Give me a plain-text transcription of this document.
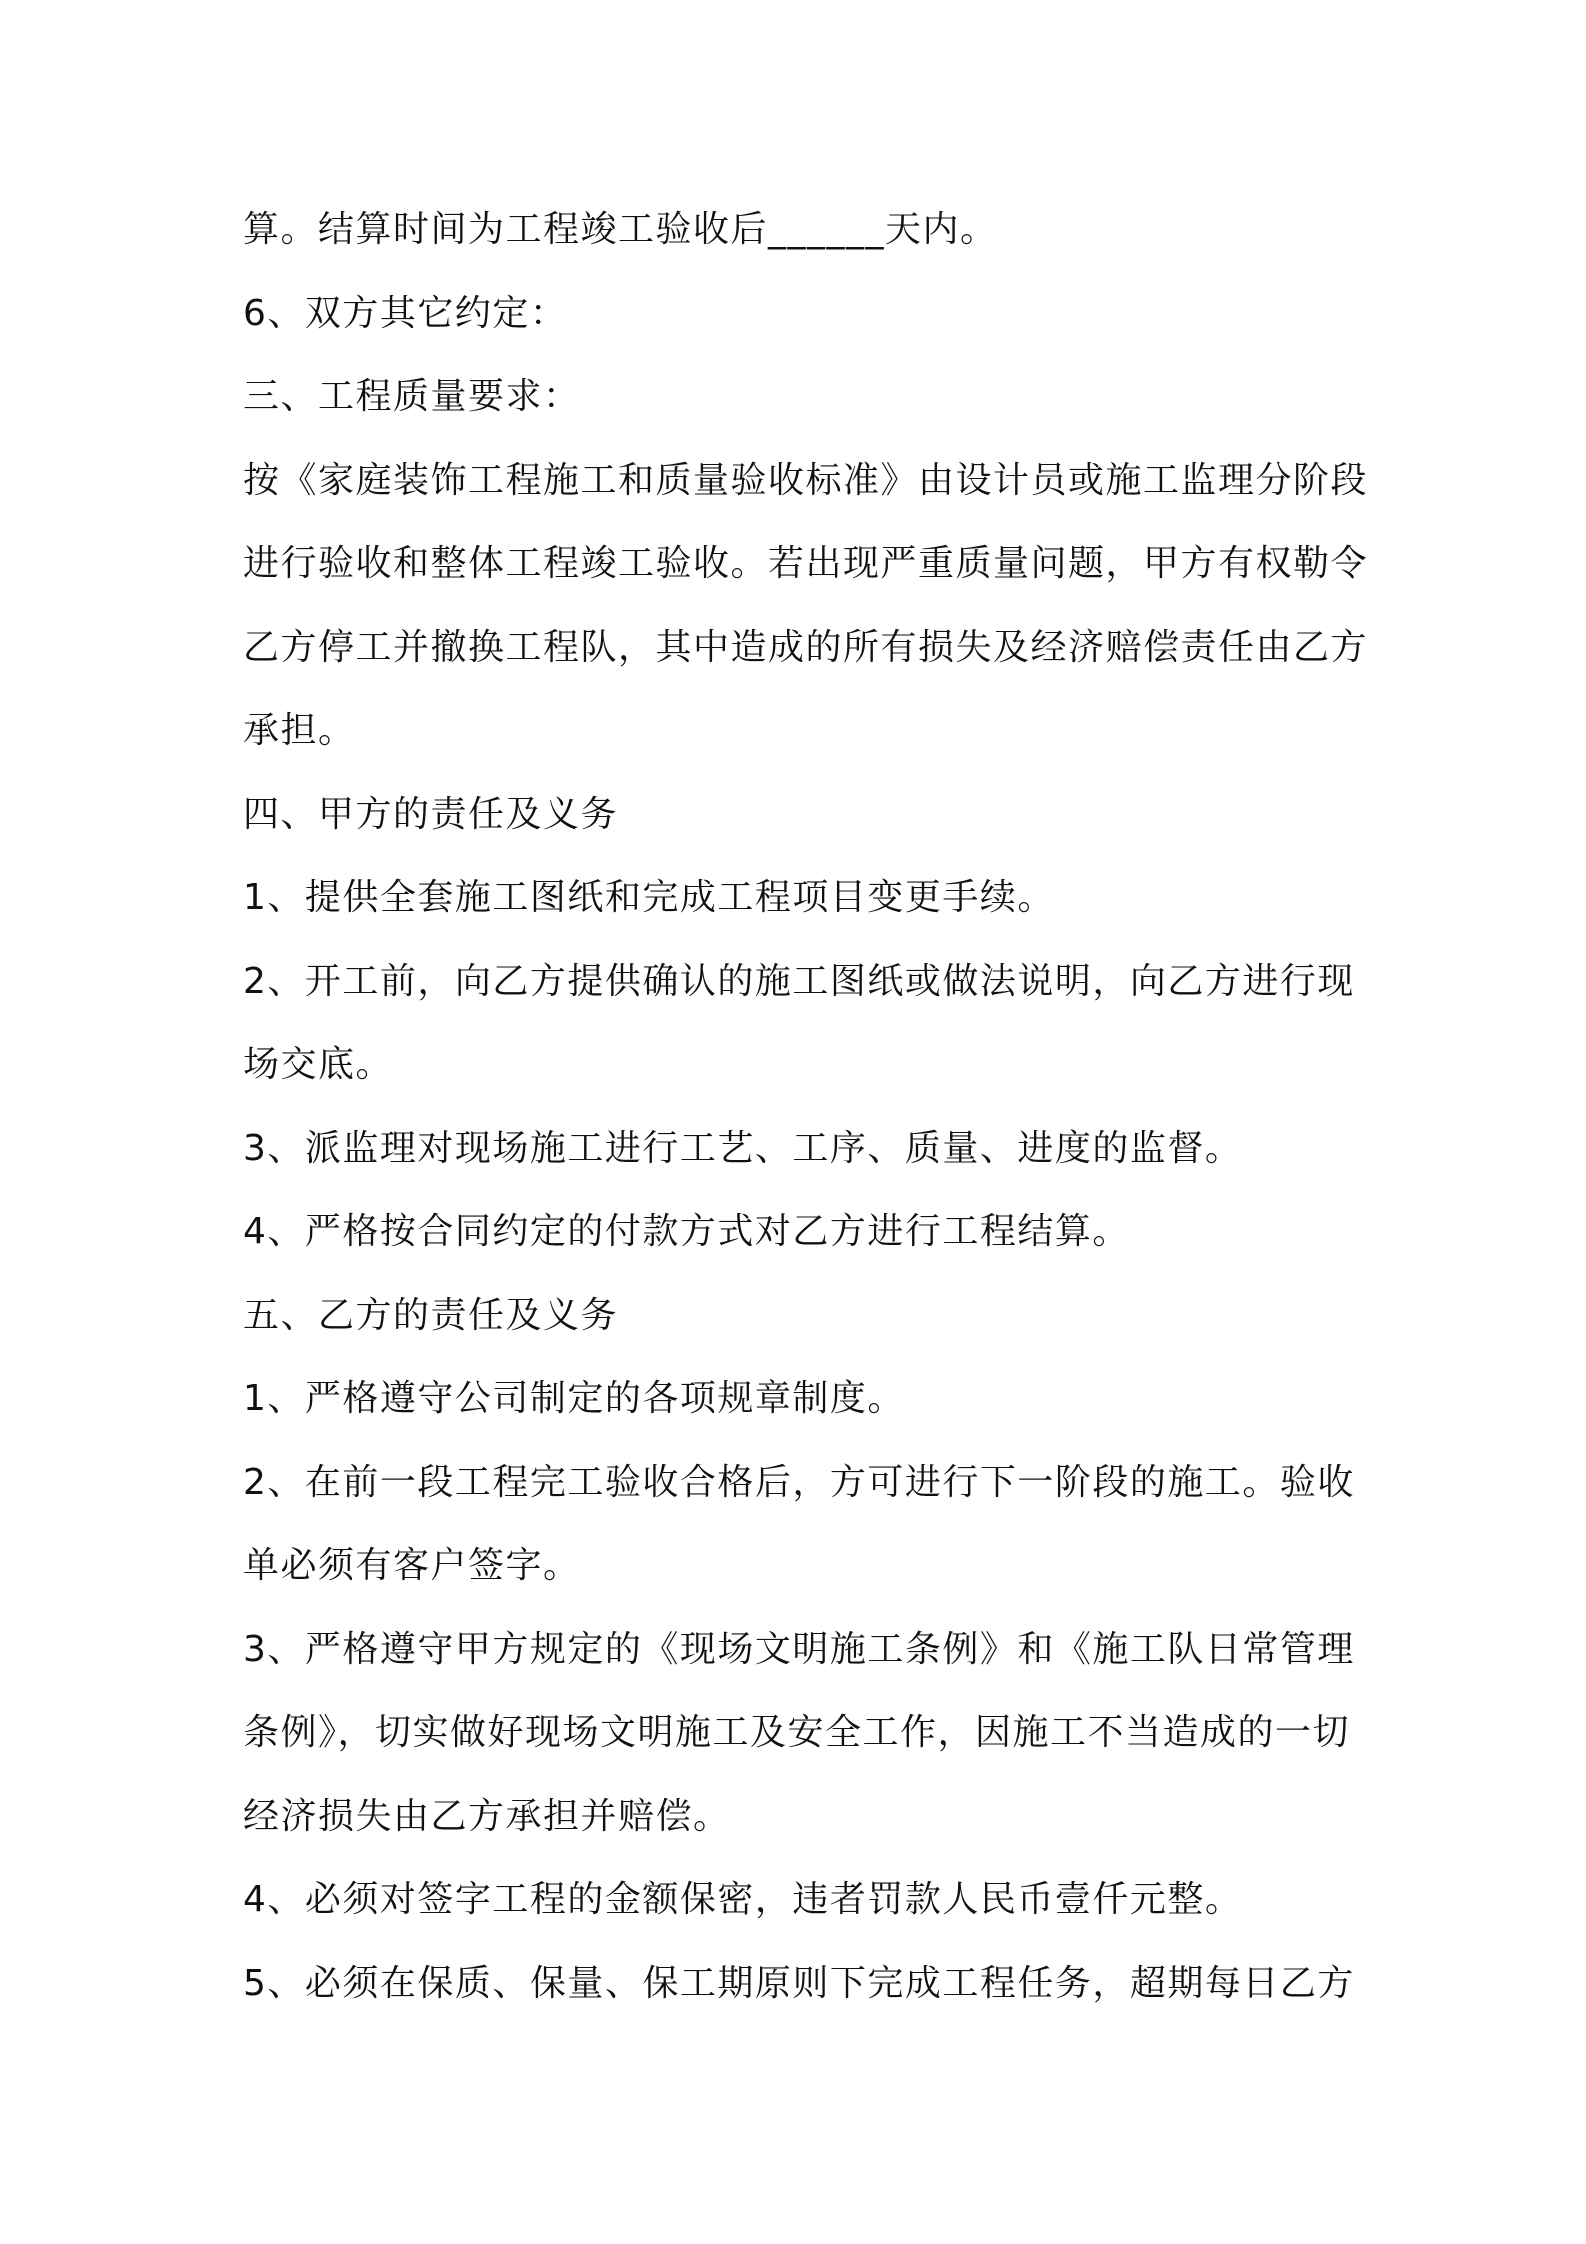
算。结算时间为工程竣工验收后______天内。
6、双方其它约定：
三、工程质量要求：
按《家庭装饰工程施工和质量验收标准》由设计员或施工监理分阶段
进行验收和整体工程竣工验收。若出现严重质量问题，甲方有权勒令
乙方停工并撤换工程队，其中造成的所有损失及经济赔偿责任由乙方
承担。
四、甲方的责任及义务
1、提供全套施工图纸和完成工程项目变更手续。
2、开工前，向乙方提供确认的施工图纸或做法说明，向乙方进行现
场交底。
3、派监理对现场施工进行工艺、工序、质量、进度的监督。
4、严格按合同约定的付款方式对乙方进行工程结算。
五、乙方的责任及义务
1、严格遵守公司制定的各项规章制度。
2、在前一段工程完工验收合格后，方可进行下一阶段的施工。验收
单必须有客户签字。
3、严格遵守甲方规定的《现场文明施工条例》和《施工队日常管理
条例》，切实做好现场文明施工及安全工作，因施工不当造成的一切
经济损失由乙方承担并赔偿。
4、必须对签字工程的金额保密，违者罚款人民币壹仟元整。
5、必须在保质、保量、保工期原则下完成工程任务，超期每日乙方
